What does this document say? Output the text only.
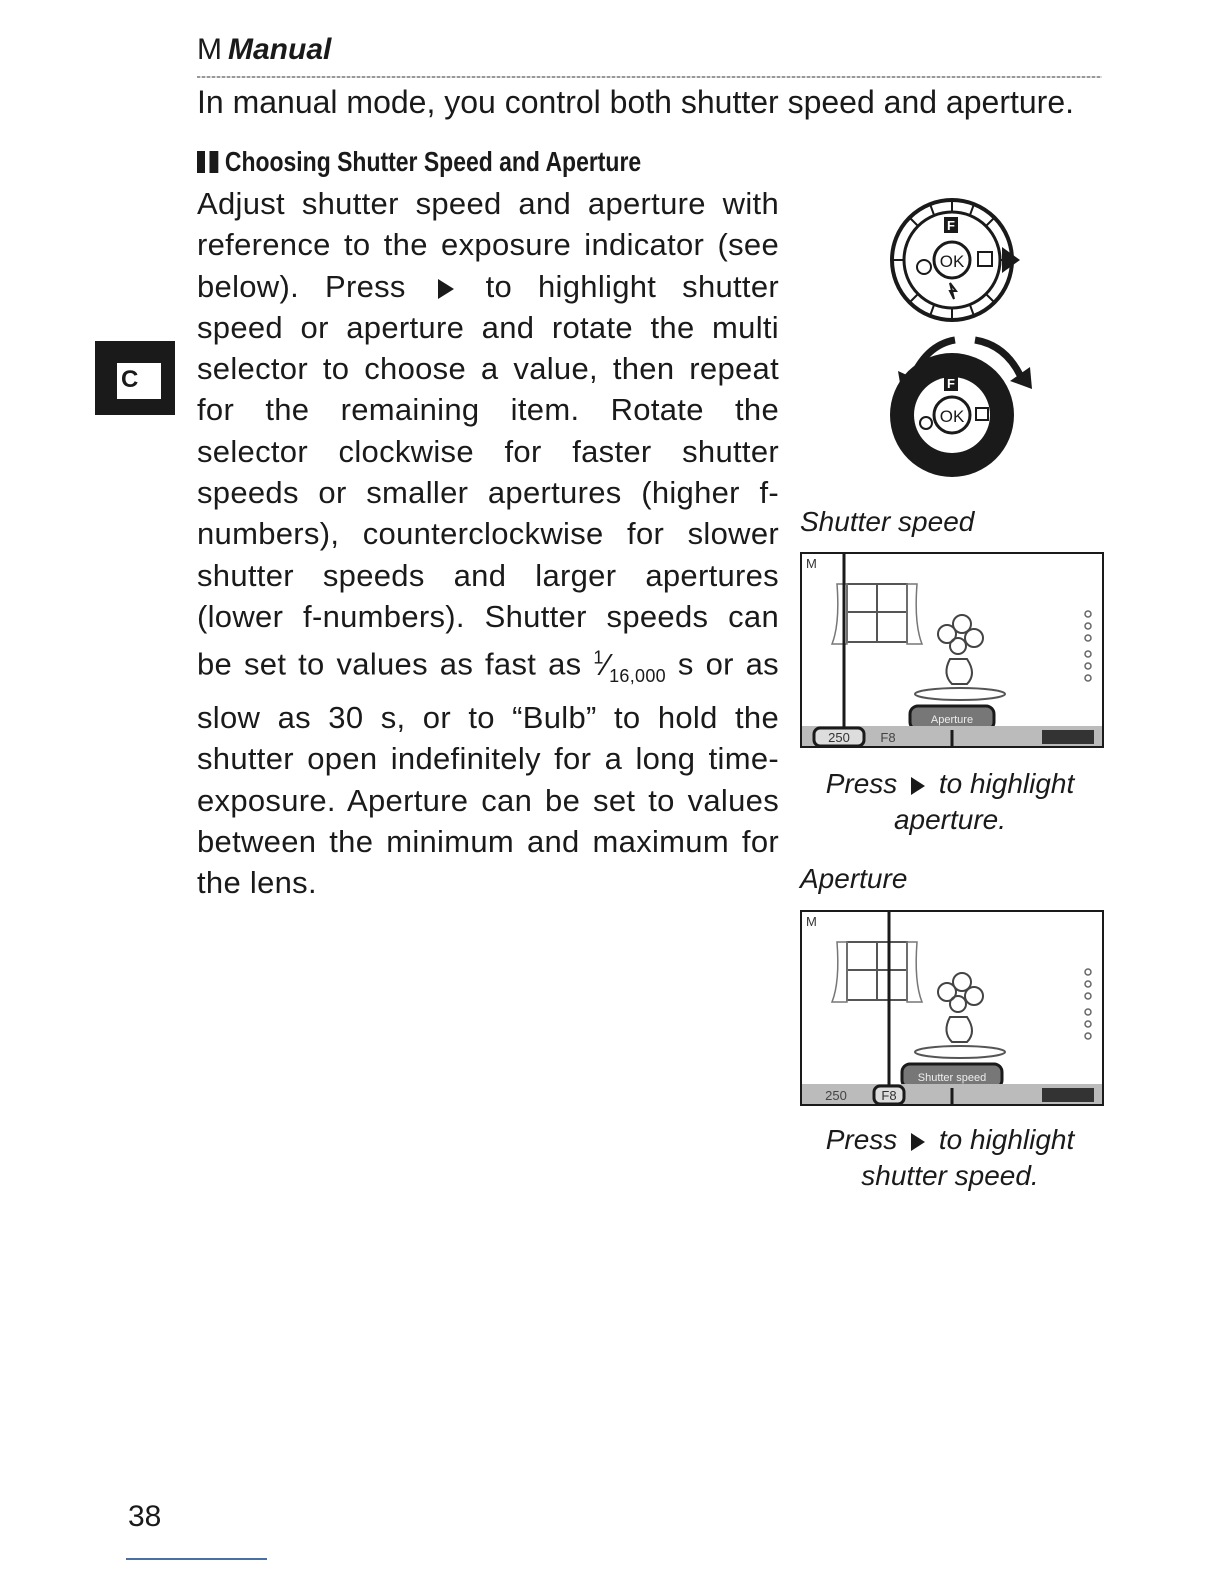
M Manual
In manual mode, you control both shutter speed and aperture.
Choosing Shutter Speed and Aperture
Adjust shutter speed and aperture with reference to the exposure indicator (see below). Press	to highlight shutter speed or aperture and rotate the multi selector to choose a value, then repeat for the remaining item. Rotate the selector clockwise for faster shutter speeds or smaller apertures (higher f-numbers), counterclockwise for slower shutter speeds and larger apertures (lower f-numbers). Shutter speeds can be set to values as fast as $^1⁄_{16,000}$ s or as slow as 30 s, or to “Bulb” to hold the shutter open indefinitely for a long time-exposure. Aperture can be set to values between the minimum and maximum for the lens.
C
OK
F
OK
F
Shutter speed
Aperture
M
250 F8
Press to highlight aperture.
Aperture
Shutter speed
M
250	F8
Press to highlight shutter speed.
38
